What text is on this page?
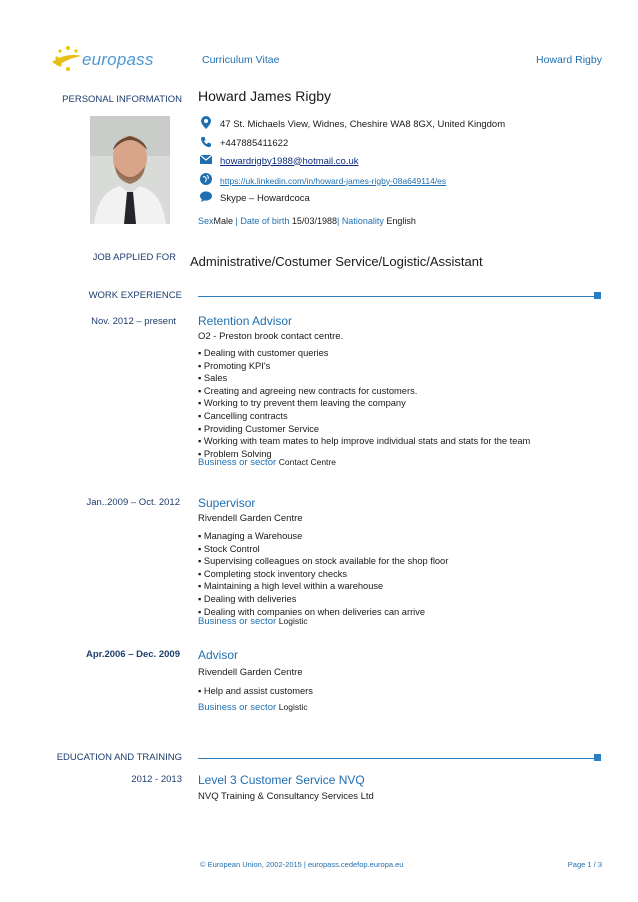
europass	Curriculum Vitae	Howard Rigby
PERSONAL INFORMATION Howard James Rigby
47 St. Michaels View, Widnes, Cheshire WA8 8GX, United Kingdom
+447885411622
howardrigby1988@hotmail.co.uk
https://uk.linkedin.com/in/howard-james-rigby-08a649114/es
Skype – Howardcoca
SexMale | Date of birth 15/03/1988| Nationality English
JOB APPLIED FOR Administrative/Costumer Service/Logistic/Assistant
WORK EXPERIENCE
Nov. 2012 – present Retention Advisor
O2 - Preston brook contact centre.
▪ Dealing with customer queries
▪ Promoting KPI's
▪ Sales
▪ Creating and agreeing new contracts for customers.
▪ Working to try prevent them leaving the company
▪ Cancelling contracts
▪ Providing Customer Service
▪ Working with team mates to help improve individual stats and stats for the team
▪ Problem Solving
Business or sector Contact Centre
Jan..2009 – Oct. 2012 Supervisor
Rivendell Garden Centre
▪ Managing a Warehouse
▪ Stock Control
▪ Supervising colleagues on stock available for the shop floor
▪ Completing stock inventory checks
▪ Maintaining a high level within a warehouse
▪ Dealing with deliveries
▪ Dealing with companies on when deliveries can arrive
Business or sector Logistic
Apr.2006 – Dec. 2009 Advisor
Rivendell Garden Centre
▪ Help and assist customers
Business or sector Logistic
EDUCATION AND TRAINING
2012 - 2013 Level 3 Customer Service NVQ
NVQ Training & Consultancy Services Ltd
© European Union, 2002-2015 | europass.cedefop.europa.eu	Page 1 / 3
